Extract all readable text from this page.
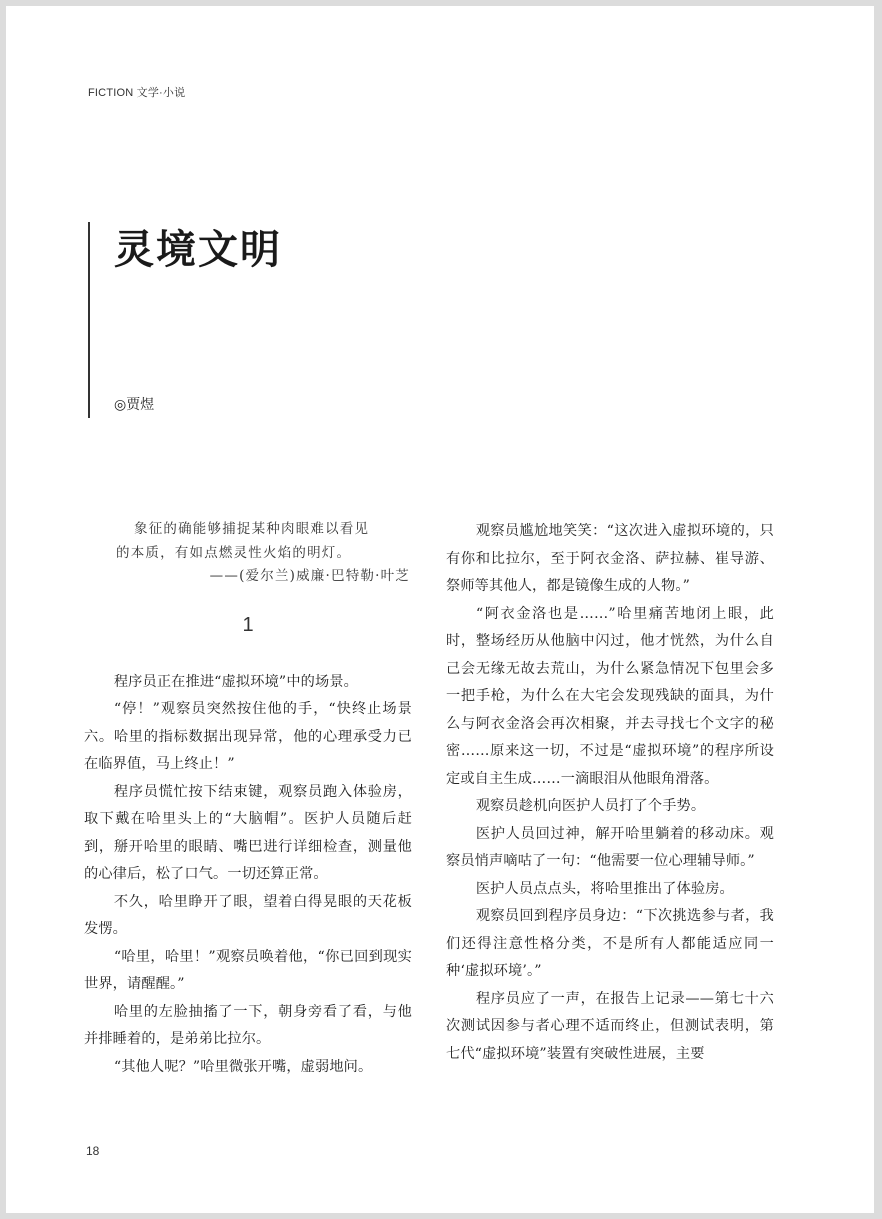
FICTION 文学·小说
灵境文明
◎贾煜

象征的确能够捕捉某种肉眼难以看见

的本质，有如点燃灵性火焰的明灯。

——(爱尔兰)威廉·巴特勒·叶芝

1

程序员正在推进“虚拟环境”中的场景。

“停！”观察员突然按住他的手，“快终止场景六。哈里的指标数据出现异常，他的心理承受力已在临界值，马上终止！”

程序员慌忙按下结束键，观察员跑入体验房，取下戴在哈里头上的“大脑帽”。医护人员随后赶到，掰开哈里的眼睛、嘴巴进行详细检查，测量他的心律后，松了口气。一切还算正常。

不久，哈里睁开了眼，望着白得晃眼的天花板发愣。

“哈里，哈里！”观察员唤着他，“你已回到现实世界，请醒醒。”

哈里的左脸抽搐了一下，朝身旁看了看，与他并排睡着的，是弟弟比拉尔。

“其他人呢？”哈里微张开嘴，虚弱地问。

观察员尴尬地笑笑：“这次进入虚拟环境的，只有你和比拉尔，至于阿衣金洛、萨拉赫、崔导游、祭师等其他人，都是镜像生成的人物。”

“阿衣金洛也是……”哈里痛苦地闭上眼，此时，整场经历从他脑中闪过，他才恍然，为什么自己会无缘无故去荒山，为什么紧急情况下包里会多一把手枪，为什么在大宅会发现残缺的面具，为什么与阿衣金洛会再次相聚，并去寻找七个文字的秘密……原来这一切，不过是“虚拟环境”的程序所设定或自主生成……一滴眼泪从他眼角滑落。

观察员趁机向医护人员打了个手势。

医护人员回过神，解开哈里躺着的移动床。观察员悄声嘀咕了一句：“他需要一位心理辅导师。”

医护人员点点头，将哈里推出了体验房。

观察员回到程序员身边：“下次挑选参与者，我们还得注意性格分类，不是所有人都能适应同一种‘虚拟环境’。”

程序员应了一声，在报告上记录——第七十六次测试因参与者心理不适而终止，但测试表明，第七代“虚拟环境”装置有突破性进展，主要

18
